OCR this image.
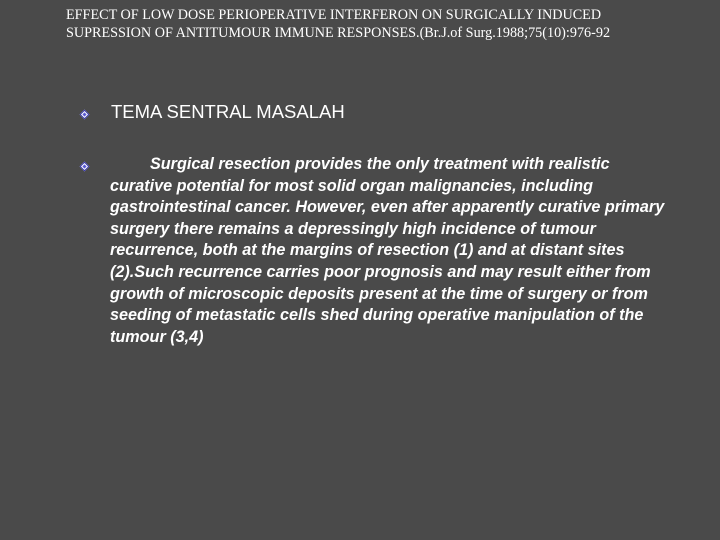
EFFECT OF LOW DOSE PERIOPERATIVE INTERFERON ON SURGICALLY INDUCED SUPRESSION OF ANTITUMOUR IMMUNE RESPONSES.(Br.J.of Surg.1988;75(10):976-92

TEMA SENTRAL MASALAH

Surgical resection provides the only treatment with realistic curative potential for most solid organ malignancies, including gastrointestinal cancer. However, even after apparently curative primary surgery there remains a depressingly high incidence of tumour recurrence, both at the margins of resection (1) and at distant sites (2).Such recurrence carries poor prognosis and may result either from growth of microscopic deposits present at the time of surgery or from seeding of metastatic cells shed during operative manipulation of the tumour (3,4)
